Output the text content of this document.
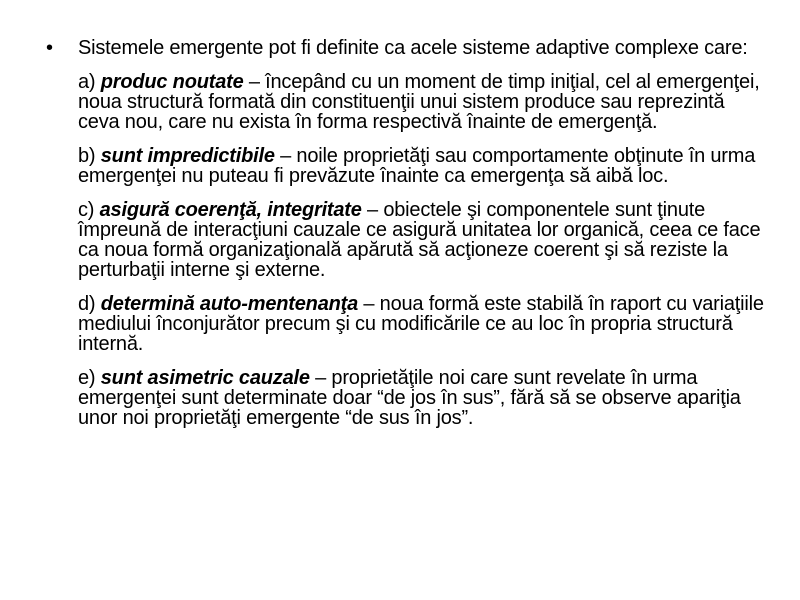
•	Sistemele emergente pot fi definite ca acele sisteme adaptive complexe care:
a) produc noutate – începând cu un moment de timp iniţial, cel al emergenţei, noua structură formată din constituenţii unui sistem produce sau reprezintă ceva nou, care nu exista în forma respectivă înainte de emergenţă.
b) sunt impredictibile – noile proprietăţi sau comportamente obţinute în urma emergenţei nu puteau fi prevăzute înainte ca emergenţa să aibă loc.
c) asigură coerenţă, integritate – obiectele şi componentele sunt ţinute împreună de interacţiuni cauzale ce asigură unitatea lor organică, ceea ce face ca noua formă organizaţională apărută să acţioneze coerent şi să reziste la perturbaţii interne şi externe.
d) determină auto-mentenanţa – noua formă este stabilă în raport cu variaţiile mediului înconjurător precum şi cu modificările ce au loc în propria structură internă.
e) sunt asimetric cauzale – proprietăţile noi care sunt revelate în urma emergenţei sunt determinate doar “de jos în sus”, fără să se observe apariţia unor noi proprietăţi emergente “de sus în jos”.
